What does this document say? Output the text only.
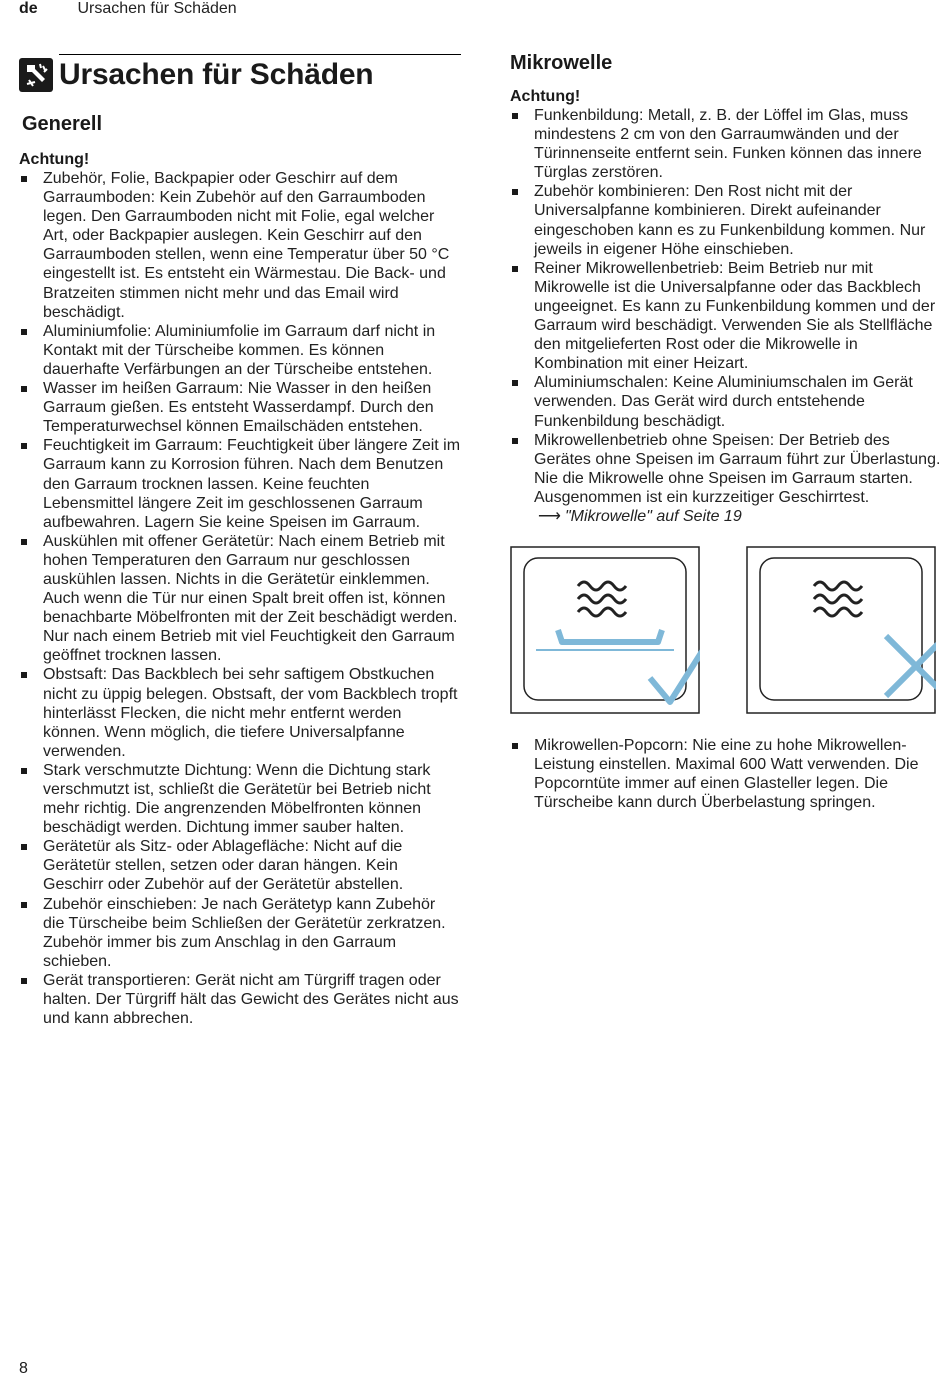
de Ursachen für Schäden
Ursachen für Schäden
Generell
Achtung!
Zubehör, Folie, Backpapier oder Geschirr auf dem Garraumboden: Kein Zubehör auf den Garraumboden legen. Den Garraumboden nicht mit Folie, egal welcher Art, oder Backpapier auslegen. Kein Geschirr auf den Garraumboden stellen, wenn eine Temperatur über 50 °C eingestellt ist. Es entsteht ein Wärmestau. Die Back- und Bratzeiten stimmen nicht mehr und das Email wird beschädigt.
Aluminiumfolie: Aluminiumfolie im Garraum darf nicht in Kontakt mit der Türscheibe kommen. Es können dauerhafte Verfärbungen an der Türscheibe entstehen.
Wasser im heißen Garraum: Nie Wasser in den heißen Garraum gießen. Es entsteht Wasserdampf. Durch den Temperaturwechsel können Emailschäden entstehen.
Feuchtigkeit im Garraum: Feuchtigkeit über längere Zeit im Garraum kann zu Korrosion führen. Nach dem Benutzen den Garraum trocknen lassen. Keine feuchten Lebensmittel längere Zeit im geschlossenen Garraum aufbewahren. Lagern Sie keine Speisen im Garraum.
Auskühlen mit offener Gerätetür: Nach einem Betrieb mit hohen Temperaturen den Garraum nur geschlossen auskühlen lassen. Nichts in die Gerätetür einklemmen. Auch wenn die Tür nur einen Spalt breit offen ist, können benachbarte Möbelfronten mit der Zeit beschädigt werden. Nur nach einem Betrieb mit viel Feuchtigkeit den Garraum geöffnet trocknen lassen.
Obstsaft: Das Backblech bei sehr saftigem Obstkuchen nicht zu üppig belegen. Obstsaft, der vom Backblech tropft hinterlässt Flecken, die nicht mehr entfernt werden können. Wenn möglich, die tiefere Universalpfanne verwenden.
Stark verschmutzte Dichtung: Wenn die Dichtung stark verschmutzt ist, schließt die Gerätetür bei Betrieb nicht mehr richtig. Die angrenzenden Möbelfronten können beschädigt werden. Dichtung immer sauber halten.
Gerätetür als Sitz- oder Ablagefläche: Nicht auf die Gerätetür stellen, setzen oder daran hängen. Kein Geschirr oder Zubehör auf der Gerätetür abstellen.
Zubehör einschieben: Je nach Gerätetyp kann Zubehör die Türscheibe beim Schließen der Gerätetür zerkratzen. Zubehör immer bis zum Anschlag in den Garraum schieben.
Gerät transportieren: Gerät nicht am Türgriff tragen oder halten. Der Türgriff hält das Gewicht des Gerätes nicht aus und kann abbrechen.
Mikrowelle
Achtung!
Funkenbildung: Metall, z. B. der Löffel im Glas, muss mindestens 2 cm von den Garraumwänden und der Türinnenseite entfernt sein. Funken können das innere Türglas zerstören.
Zubehör kombinieren: Den Rost nicht mit der Universalpfanne kombinieren. Direkt aufeinander eingeschoben kann es zu Funkenbildung kommen. Nur jeweils in eigener Höhe einschieben.
Reiner Mikrowellenbetrieb: Beim Betrieb nur mit Mikrowelle ist die Universalpfanne oder das Backblech ungeeignet. Es kann zu Funkenbildung kommen und der Garraum wird beschädigt. Verwenden Sie als Stellfläche den mitgelieferten Rost oder die Mikrowelle in Kombination mit einer Heizart.
Aluminiumschalen: Keine Aluminiumschalen im Gerät verwenden. Das Gerät wird durch entstehende Funkenbildung beschädigt.
Mikrowellenbetrieb ohne Speisen: Der Betrieb des Gerätes ohne Speisen im Garraum führt zur Überlastung. Nie die Mikrowelle ohne Speisen im Garraum starten. Ausgenommen ist ein kurzzeitiger Geschirrtest. ⟶ "Mikrowelle" auf Seite 19
Mikrowellen-Popcorn: Nie eine zu hohe Mikrowellen-Leistung einstellen. Maximal 600 Watt verwenden. Die Popcorntüte immer auf einen Glasteller legen. Die Türscheibe kann durch Überbelastung springen.
8
